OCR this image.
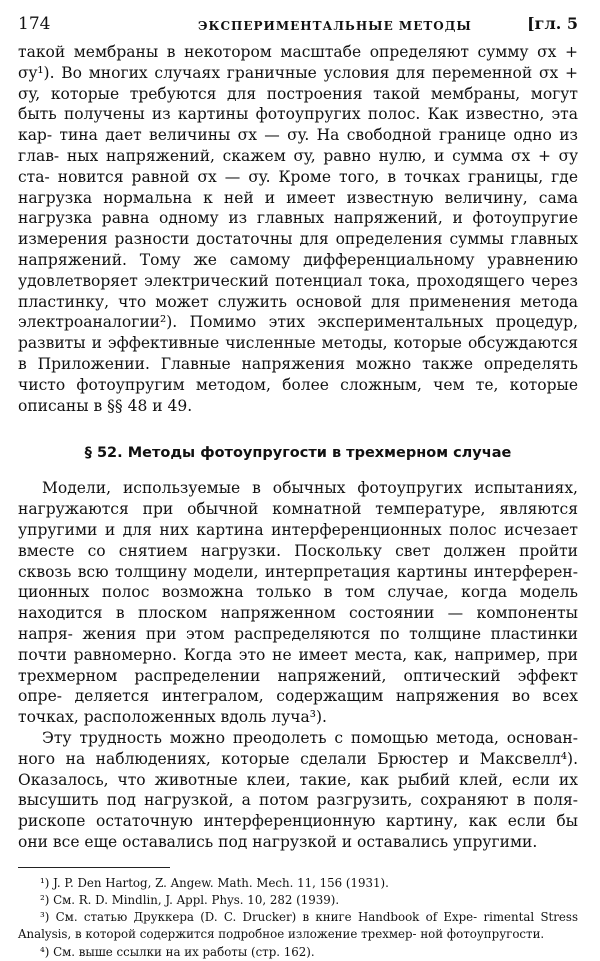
174	ЭКСПЕРИМЕНТАЛЬНЫЕ МЕТОДЫ	[гл. 5
такой мембраны в некотором масштабе определяют сумму σx + σy¹). Во многих случаях граничные условия для переменной σx + σy, которые требуются для построения такой мембраны, могут быть получены из картины фотоупругих полос. Как известно, эта кар- тина дает величины σx — σy. На свободной границе одно из глав- ных напряжений, скажем σy, равно нулю, и сумма σx + σy ста- новится равной σx — σy. Кроме того, в точках границы, где нагрузка нормальна к ней и имеет известную величину, сама нагрузка равна одному из главных напряжений, и фотоупругие измерения разности достаточны для определения суммы главных напряжений. Тому же самому дифференциальному уравнению удовлетворяет электрический потенциал тока, проходящего через пластинку, что может служить основой для применения метода электроаналогии²). Помимо этих экспериментальных процедур, развиты и эффективные численные методы, которые обсуждаются в Приложении. Главные напряжения можно также определять чисто фотоупругим методом, более сложным, чем те, которые описаны в §§ 48 и 49.
§ 52. Методы фотоупругости в трехмерном случае
Модели, используемые в обычных фотоупругих испытаниях, нагружаются при обычной комнатной температуре, являются упругими и для них картина интерференционных полос исчезает вместе со снятием нагрузки. Поскольку свет должен пройти сквозь всю толщину модели, интерпретация картины интерферен- ционных полос возможна только в том случае, когда модель находится в плоском напряженном состоянии — компоненты напря- жения при этом распределяются по толщине пластинки почти равномерно. Когда это не имеет места, как, например, при трехмерном распределении напряжений, оптический эффект опре- деляется интегралом, содержащим напряжения во всех точках, расположенных вдоль луча³).
Эту трудность можно преодолеть с помощью метода, основан- ного на наблюдениях, которые сделали Брюстер и Максвелл⁴). Оказалось, что животные клеи, такие, как рыбий клей, если их высушить под нагрузкой, а потом разгрузить, сохраняют в поля- рископе остаточную интерференционную картину, как если бы они все еще оставались под нагрузкой и оставались упругими.

¹) J. P. Den Hartog, Z. Angew. Math. Mech. 11, 156 (1931).

²) См. R. D. Mindlin, J. Appl. Phys. 10, 282 (1939).

³) См. статью Друккера (D. C. Drucker) в книге Handbook of Expe- rimental Stress Analysis, в которой содержится подробное изложение трехмер- ной фотоупругости.

⁴) См. выше ссылки на их работы (стр. 162).
